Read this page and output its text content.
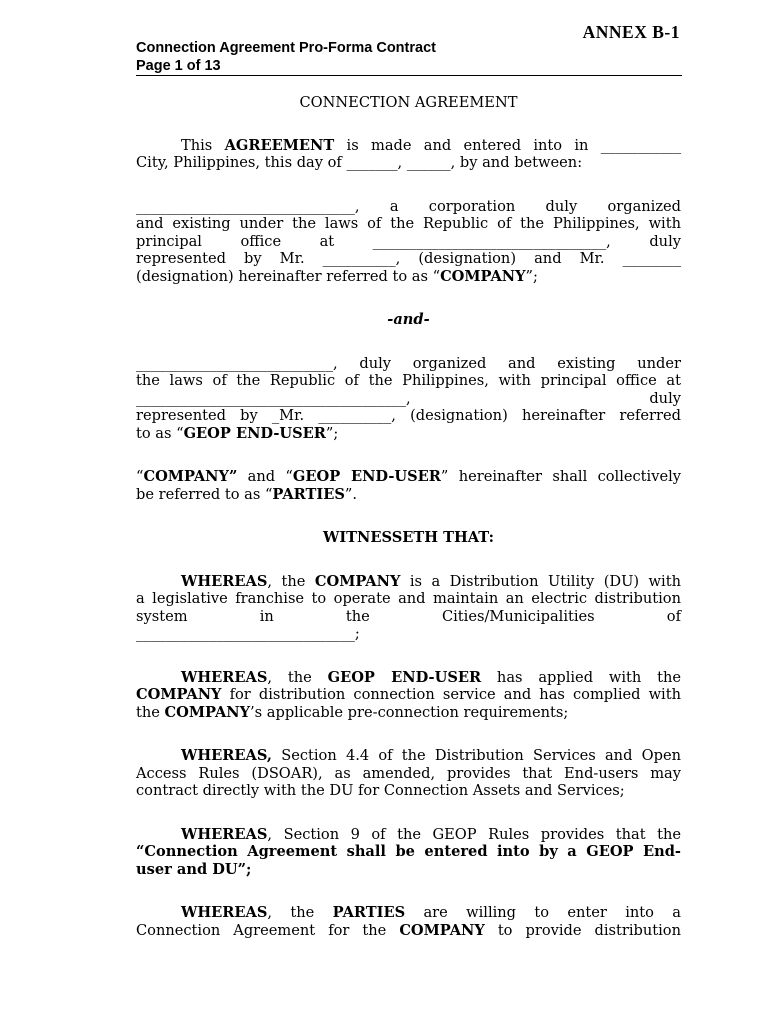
ANNEX B-1
Connection Agreement Pro-Forma Contract
Page 1 of 13

CONNECTION AGREEMENT

This AGREEMENT is made and entered into in ___________

City, Philippines, this day of _______, ______, by and between:

______________________________, a corporation duly organized

and existing under the laws of the Republic of the Philippines, with

principal office at ________________________________, duly

represented by Mr. __________, (designation) and Mr. ________

(designation) hereinafter referred to as “COMPANY”;

-and-

___________________________, duly organized and existing under

the laws of the Republic of the Philippines, with principal office at

_____________________________________,                          duly

represented by _Mr. __________, (designation) hereinafter referred

to as “GEOP END-USER”;

“COMPANY” and “GEOP END-USER” hereinafter shall collectively

be referred to as “PARTIES”.

WITNESSETH THAT:

WHEREAS, the COMPANY is a Distribution Utility (DU) with

a legislative franchise to operate and maintain an electric distribution

system in the Cities/Municipalities of

______________________________;

WHEREAS, the GEOP END-USER has applied with the

COMPANY for distribution connection service and has complied with

the COMPANY’s applicable pre-connection requirements;

WHEREAS, Section 4.4 of the Distribution Services and Open

Access Rules (DSOAR), as amended, provides that End-users may

contract directly with the DU for Connection Assets and Services;

WHEREAS, Section 9 of the GEOP Rules provides that the

“Connection Agreement shall be entered into by a GEOP End-

user and DU”;

WHEREAS, the PARTIES are willing to enter into a

Connection Agreement for the COMPANY to provide distribution
